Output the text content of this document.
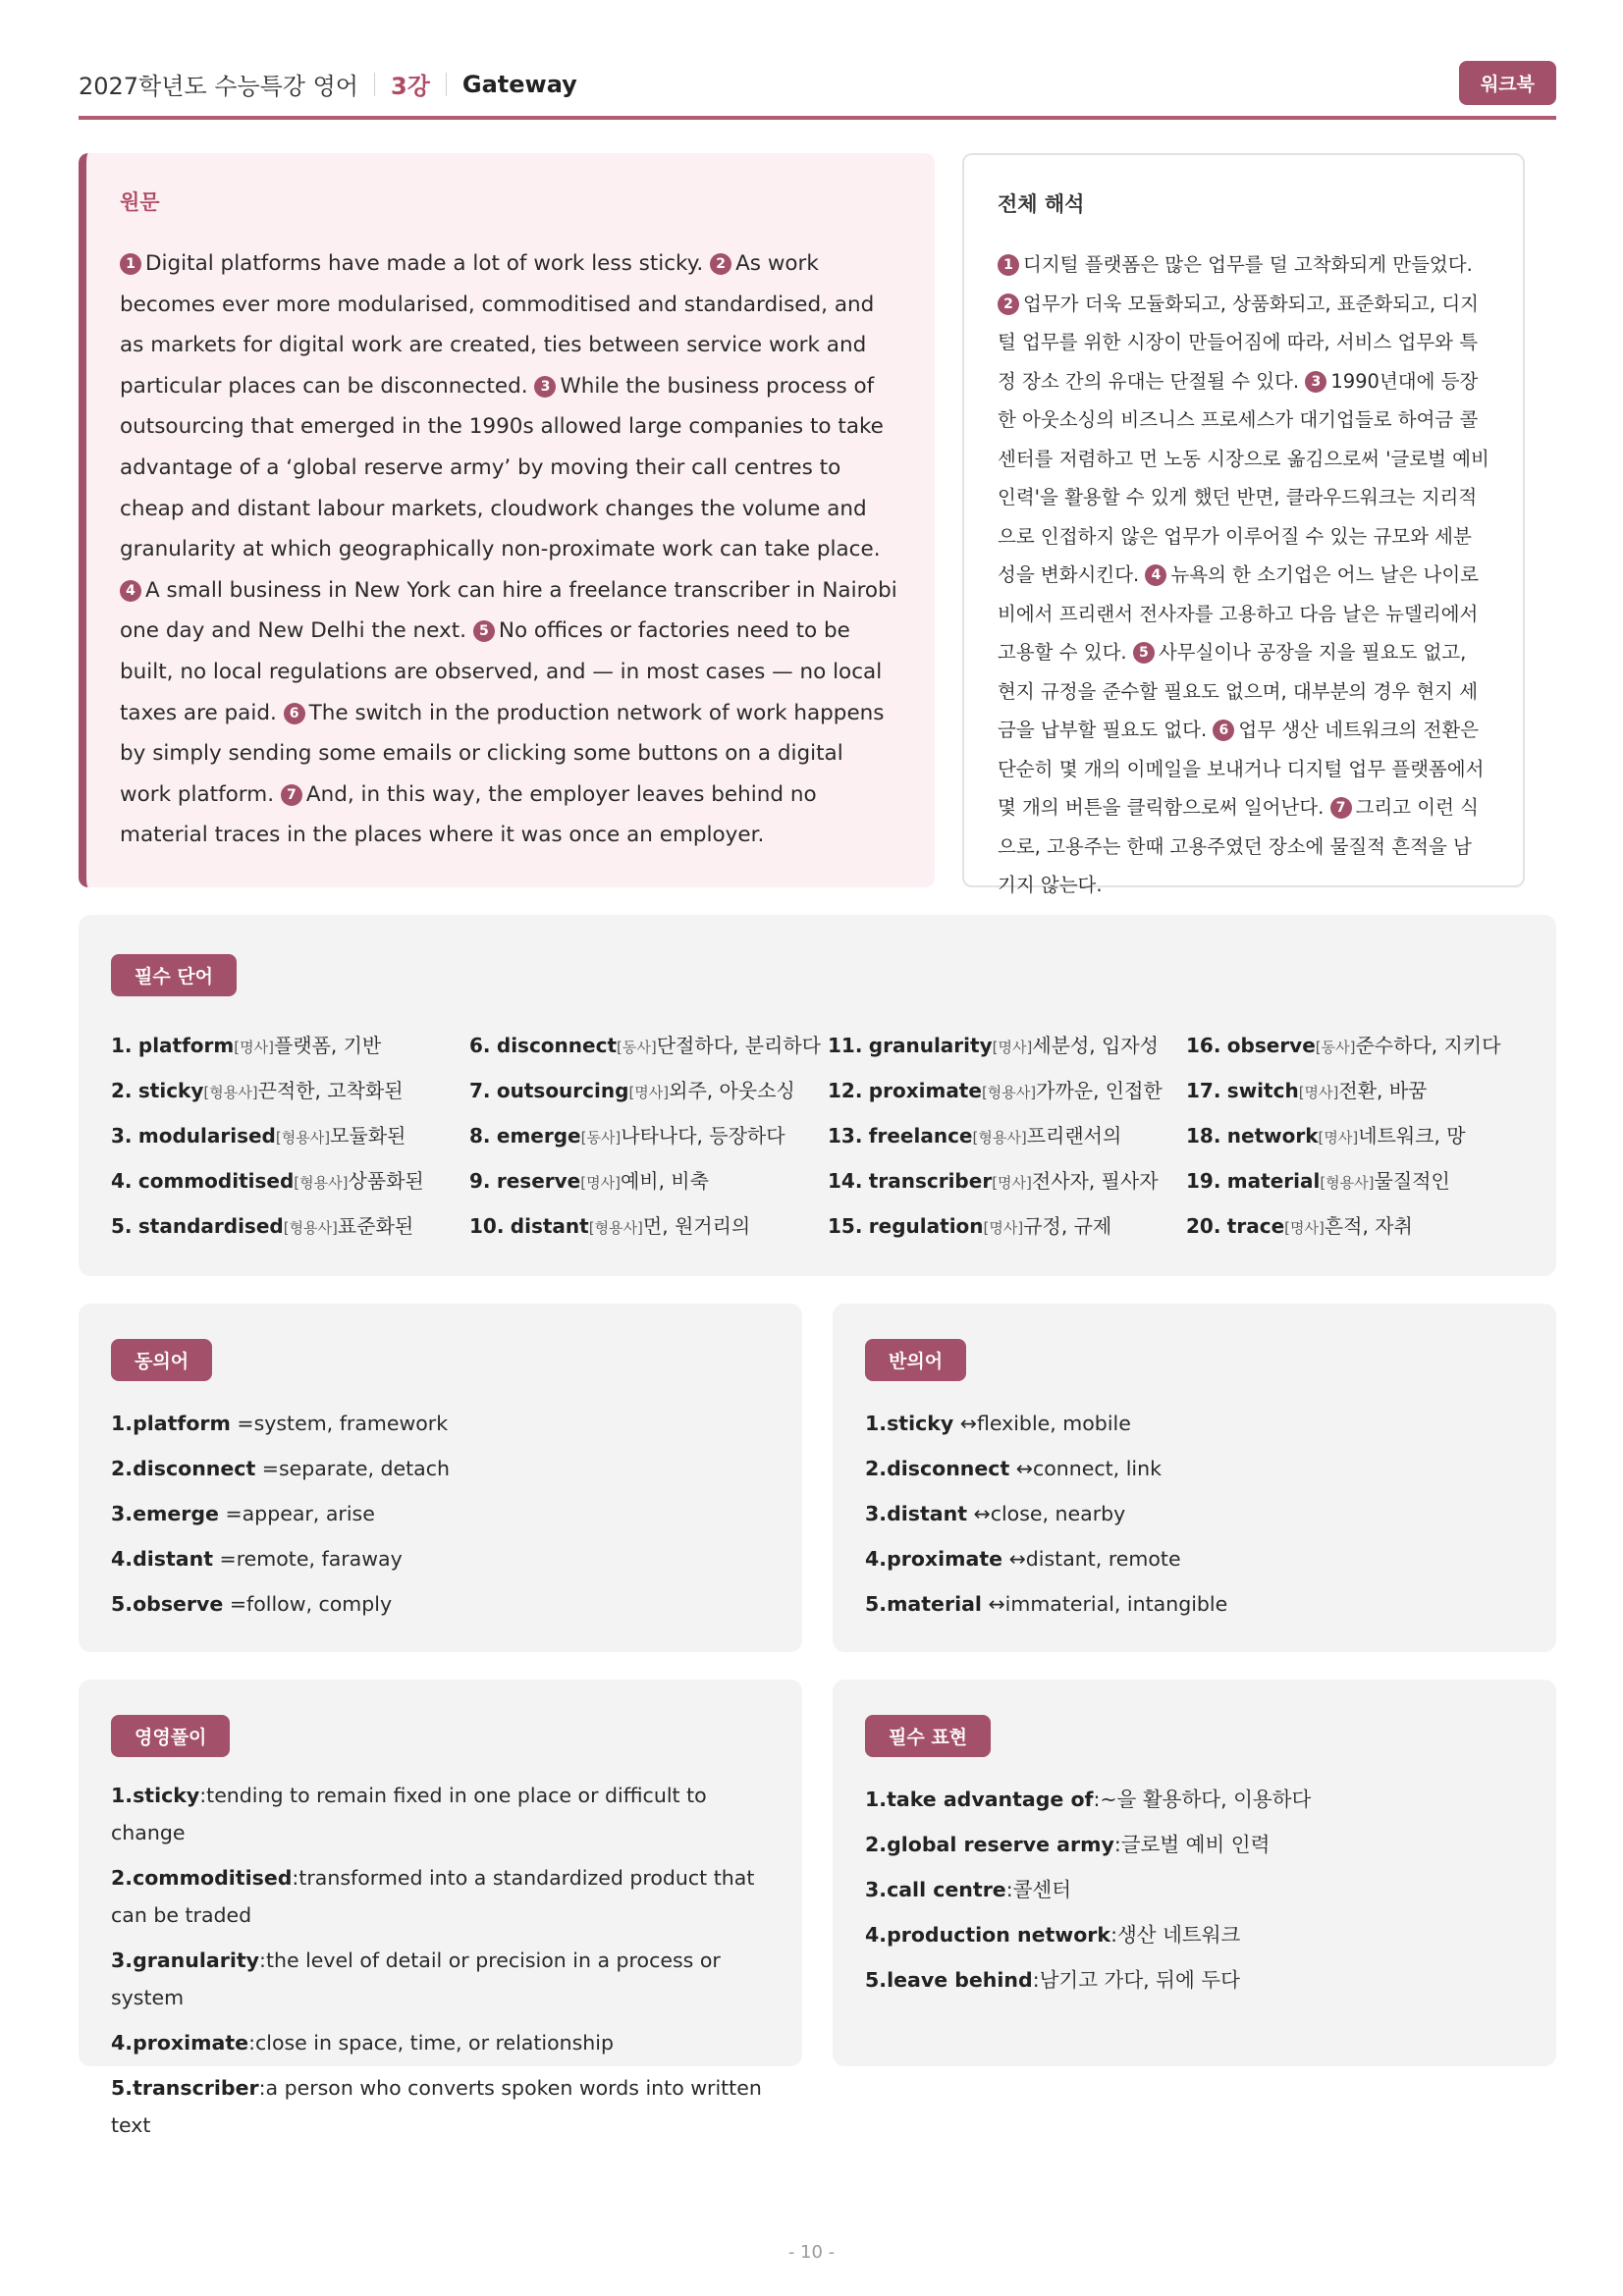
2027학년도 수능특강 영어 3강 Gateway	워크북
원문
1 Digital platforms have made a lot of work less sticky. 2 As work becomes ever more modularised, commoditised and standardised, and as markets for digital work are created, ties between service work and particular places can be disconnected. 3 While the business process of outsourcing that emerged in the 1990s allowed large companies to take advantage of a ‘global reserve army’ by moving their call centres to cheap and distant labour markets, cloudwork changes the volume and granularity at which geographically non-proximate work can take place. 4 A small business in New York can hire a freelance transcriber in Nairobi one day and New Delhi the next. 5 No offices or factories need to be built, no local regulations are observed, and — in most cases — no local taxes are paid. 6 The switch in the production network of work happens by simply sending some emails or clicking some buttons on a digital work platform. 7 And, in this way, the employer leaves behind no material traces in the places where it was once an employer.
전체 해석
1 디지털 플랫폼은 많은 업무를 덜 고착화되게 만들었다. 2 업무가 더욱 모듈화되고, 상품화되고, 표준화되고, 디지털 업무를 위한 시장이 만들어짐에 따라, 서비스 업무와 특정 장소 간의 유대는 단절될 수 있다. 3 1990년대에 등장한 아웃소싱의 비즈니스 프로세스가 대기업들로 하여금 콜센터를 저렴하고 먼 노동 시장으로 옮김으로써 '글로벌 예비 인력'을 활용할 수 있게 했던 반면, 클라우드워크는 지리적으로 인접하지 않은 업무가 이루어질 수 있는 규모와 세분성을 변화시킨다. 4 뉴욕의 한 소기업은 어느 날은 나이로비에서 프리랜서 전사자를 고용하고 다음 날은 뉴델리에서 고용할 수 있다. 5 사무실이나 공장을 지을 필요도 없고, 현지 규정을 준수할 필요도 없으며, 대부분의 경우 현지 세금을 납부할 필요도 없다. 6 업무 생산 네트워크의 전환은 단순히 몇 개의 이메일을 보내거나 디지털 업무 플랫폼에서 몇 개의 버튼을 클릭함으로써 일어난다. 7 그리고 이런 식으로, 고용주는 한때 고용주였던 장소에 물질적 흔적을 남기지 않는다.
필수 단어
1. platform[명사]플랫폼, 기반
2. sticky[형용사]끈적한, 고착화된
3. modularised[형용사]모듈화된
4. commoditised[형용사]상품화된
5. standardised[형용사]표준화된
6. disconnect[동사]단절하다, 분리하다
7. outsourcing[명사]외주, 아웃소싱
8. emerge[동사]나타나다, 등장하다
9. reserve[명사]예비, 비축
10. distant[형용사]먼, 원거리의
11. granularity[명사]세분성, 입자성
12. proximate[형용사]가까운, 인접한
13. freelance[형용사]프리랜서의
14. transcriber[명사]전사자, 필사자
15. regulation[명사]규정, 규제
16. observe[동사]준수하다, 지키다
17. switch[명사]전환, 바꿈
18. network[명사]네트워크, 망
19. material[형용사]물질적인
20. trace[명사]흔적, 자취
동의어
1.platform =system, framework
2.disconnect =separate, detach
3.emerge =appear, arise
4.distant =remote, faraway
5.observe =follow, comply
반의어
1.sticky ↔flexible, mobile
2.disconnect ↔connect, link
3.distant ↔close, nearby
4.proximate ↔distant, remote
5.material ↔immaterial, intangible
영영풀이
1.sticky:tending to remain fixed in one place or difficult to change
2.commoditised:transformed into a standardized product that can be traded
3.granularity:the level of detail or precision in a process or system
4.proximate:close in space, time, or relationship
5.transcriber:a person who converts spoken words into written text
필수 표현
1.take advantage of:~을 활용하다, 이용하다
2.global reserve army:글로벌 예비 인력
3.call centre:콜센터
4.production network:생산 네트워크
5.leave behind:남기고 가다, 뒤에 두다
- 10 -
